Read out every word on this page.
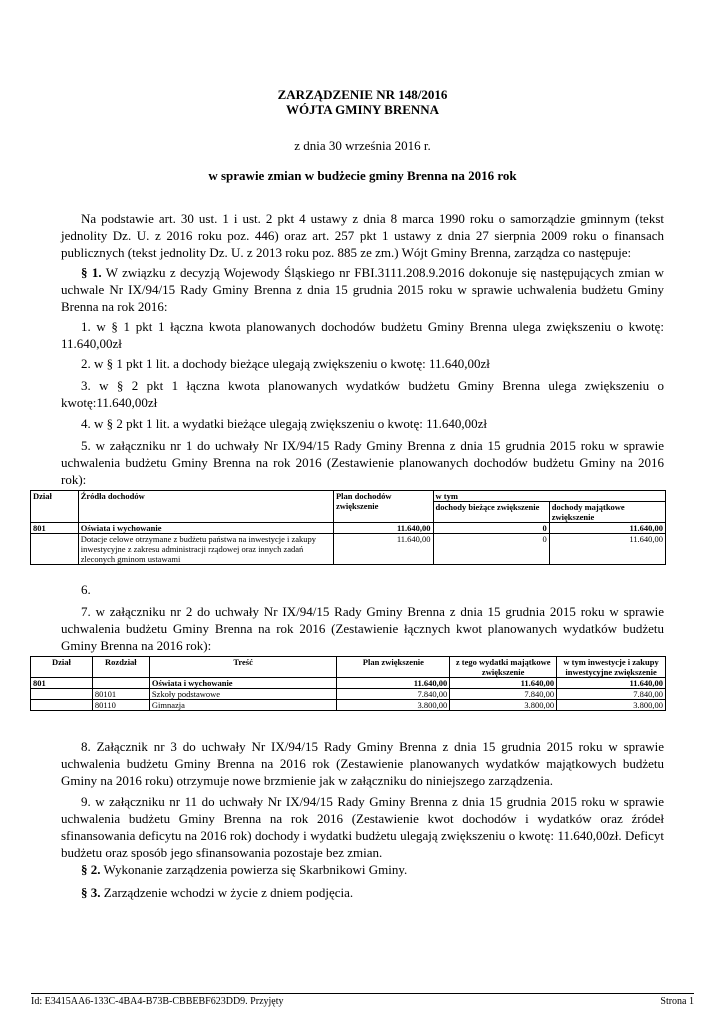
ZARZĄDZENIE NR 148/2016
WÓJTA GMINY BRENNA
z dnia 30 września 2016 r.
w sprawie zmian w budżecie gminy Brenna na 2016 rok

Na podstawie art. 30 ust. 1 i ust. 2 pkt 4 ustawy z dnia 8 marca 1990 roku o samorządzie gminnym (tekst jednolity Dz. U. z 2016 roku poz. 446) oraz art. 257 pkt 1 ustawy z dnia 27 sierpnia 2009 roku o finansach publicznych (tekst jednolity Dz. U. z 2013 roku poz. 885 ze zm.) Wójt Gminy Brenna, zarządza co następuje:

§ 1. W związku z decyzją Wojewody Śląskiego nr FBI.3111.208.9.2016 dokonuje się następujących zmian w uchwale Nr IX/94/15 Rady Gminy Brenna z dnia 15 grudnia 2015 roku w sprawie uchwalenia budżetu Gminy Brenna na rok 2016:

1. w § 1 pkt 1 łączna kwota planowanych dochodów budżetu Gminy Brenna ulega zwiększeniu o kwotę: 11.640,00zł

2. w § 1 pkt 1 lit. a dochody bieżące ulegają zwiększeniu o kwotę: 11.640,00zł

3. w § 2 pkt 1 łączna kwota planowanych wydatków budżetu Gminy Brenna ulega zwiększeniu o kwotę:11.640,00zł

4. w § 2 pkt 1 lit. a wydatki bieżące ulegają zwiększeniu o kwotę: 11.640,00zł

5. w załączniku nr 1 do uchwały Nr IX/94/15 Rady Gminy Brenna z dnia 15 grudnia 2015 roku w sprawie uchwalenia budżetu Gminy Brenna na rok 2016 (Zestawienie planowanych dochodów budżetu Gminy na 2016 rok):

Dział	Źródła dochodów	Plan dochodów zwiększenie	w tym	
			dochody bieżące zwiększenie	dochody majątkowe zwiększenie
801	Oświata i wychowanie	11.640,00	0	11.640,00
	Dotacje celowe otrzymane z budżetu państwa na inwestycje i zakupy inwestycyjne z zakresu administracji rządowej oraz innych zadań zleconych gminom ustawami	11.640,00	0	11.640,00

6.

7. w załączniku nr 2 do uchwały Nr IX/94/15 Rady Gminy Brenna z dnia 15 grudnia 2015 roku w sprawie uchwalenia budżetu Gminy Brenna na rok 2016 (Zestawienie łącznych kwot planowanych wydatków budżetu Gminy Brenna na 2016 rok):

Dział	Rozdział	Treść	Plan zwiększenie	z tego wydatki majątkowe zwiększenie	w tym inwestycje i zakupy inwestycyjne zwiększenie
801		Oświata i wychowanie	11.640,00	11.640,00	11.640,00
	80101	Szkoły podstawowe	7.840,00	7.840,00	7.840,00
	80110	Gimnazja	3.800,00	3.800,00	3.800,00

8. Załącznik nr 3 do uchwały Nr IX/94/15 Rady Gminy Brenna z dnia 15 grudnia 2015 roku w sprawie uchwalenia budżetu Gminy Brenna na 2016 rok (Zestawienie planowanych wydatków majątkowych budżetu Gminy na 2016 roku) otrzymuje nowe brzmienie jak w załączniku do niniejszego zarządzenia.

9. w załączniku nr 11 do uchwały Nr IX/94/15 Rady Gminy Brenna z dnia 15 grudnia 2015 roku w sprawie uchwalenia budżetu Gminy Brenna na rok 2016 (Zestawienie kwot dochodów i wydatków oraz źródeł sfinansowania deficytu na 2016 rok) dochody i wydatki budżetu ulegają zwiększeniu o kwotę: 11.640,00zł. Deficyt budżetu oraz sposób jego sfinansowania pozostaje bez zmian.

§ 2. Wykonanie zarządzenia powierza się Skarbnikowi Gminy.

§ 3. Zarządzenie wchodzi w życie z dniem podjęcia.

Id: E3415AA6-133C-4BA4-B73B-CBBEBF623DD9. Przyjęty	Strona 1
